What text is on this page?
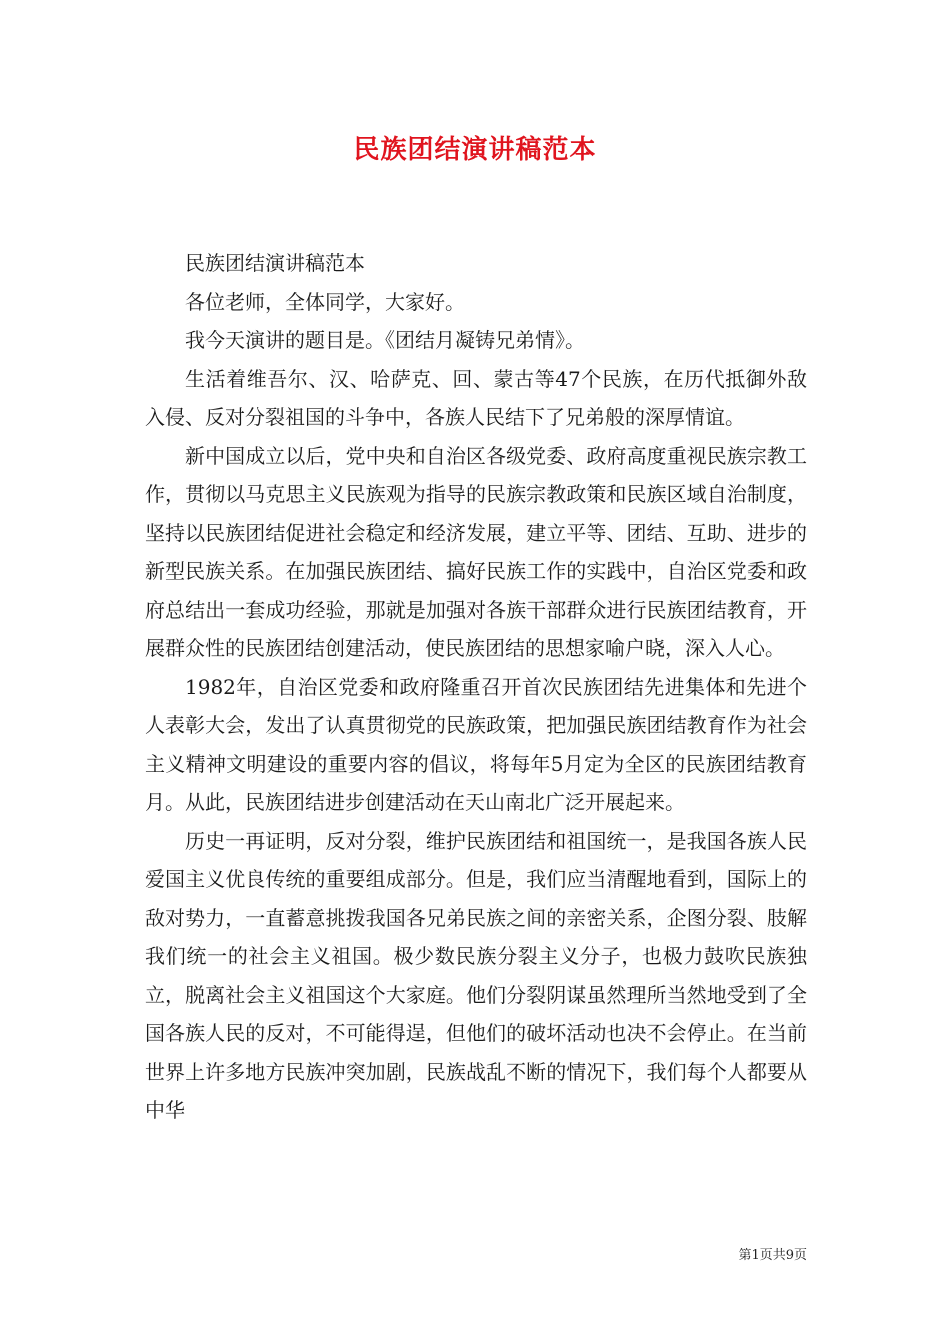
民族团结演讲稿范本

民族团结演讲稿范本

各位老师，全体同学，大家好。

我今天演讲的题目是。《团结月凝铸兄弟情》。

生活着维吾尔、汉、哈萨克、回、蒙古等47个民族，在历代抵御外敌入侵、反对分裂祖国的斗争中，各族人民结下了兄弟般的深厚情谊。

新中国成立以后，党中央和自治区各级党委、政府高度重视民族宗教工作，贯彻以马克思主义民族观为指导的民族宗教政策和民族区域自治制度，坚持以民族团结促进社会稳定和经济发展，建立平等、团结、互助、进步的新型民族关系。在加强民族团结、搞好民族工作的实践中，自治区党委和政府总结出一套成功经验，那就是加强对各族干部群众进行民族团结教育，开展群众性的民族团结创建活动，使民族团结的思想家喻户晓，深入人心。

1982年，自治区党委和政府隆重召开首次民族团结先进集体和先进个人表彰大会，发出了认真贯彻党的民族政策，把加强民族团结教育作为社会主义精神文明建设的重要内容的倡议，将每年5月定为全区的民族团结教育月。从此，民族团结进步创建活动在天山南北广泛开展起来。

历史一再证明，反对分裂，维护民族团结和祖国统一，是我国各族人民爱国主义优良传统的重要组成部分。但是，我们应当清醒地看到，国际上的敌对势力，一直蓄意挑拨我国各兄弟民族之间的亲密关系，企图分裂、肢解我们统一的社会主义祖国。极少数民族分裂主义分子，也极力鼓吹民族独立，脱离社会主义祖国这个大家庭。他们分裂阴谋虽然理所当然地受到了全国各族人民的反对，不可能得逞，但他们的破坏活动也决不会停止。在当前世界上许多地方民族冲突加剧，民族战乱不断的情况下，我们每个人都要从中华

第1页共9页
